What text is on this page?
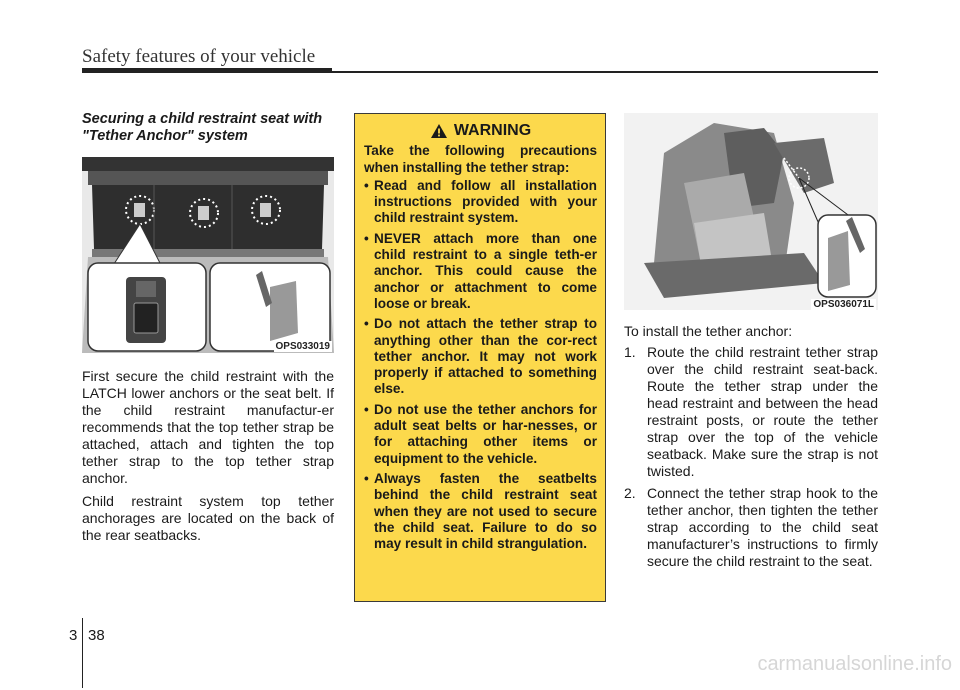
Safety features of your vehicle
Securing a child restraint seat with "Tether Anchor" system
OPS033019

First secure the child restraint with the LATCH lower anchors or the seat belt. If the child restraint manufactur-er recommends that the top tether strap be attached, attach and tighten the top tether strap to the top tether strap anchor.

Child restraint system top tether anchorages are located on the back of the rear seatbacks.

WARNING

Take the following precautions when installing the tether strap:

• Read and follow all installation instructions provided with your child restraint system.
• NEVER attach more than one child restraint to a single teth-er anchor. This could cause the anchor or attachment to come loose or break.
• Do not attach the tether strap to anything other than the cor-rect tether anchor. It may not work properly if attached to something else.
• Do not use the tether anchors for adult seat belts or har-nesses, or for attaching other items or equipment to the vehicle.
• Always fasten the seatbelts behind the child restraint seat when they are not used to secure the child seat. Failure to do so may result in child strangulation.
OPS036071L

To install the tether anchor:

1. Route the child restraint tether strap over the child restraint seat-back. Route the tether strap under the head restraint and between the head restraint posts, or route the tether strap over the top of the vehicle seatback. Make sure the strap is not twisted.
2. Connect the tether strap hook to the tether anchor, then tighten the tether strap according to the child seat manufacturer’s instructions to firmly secure the child restraint to the seat.
3 38
carmanualsonline.info
